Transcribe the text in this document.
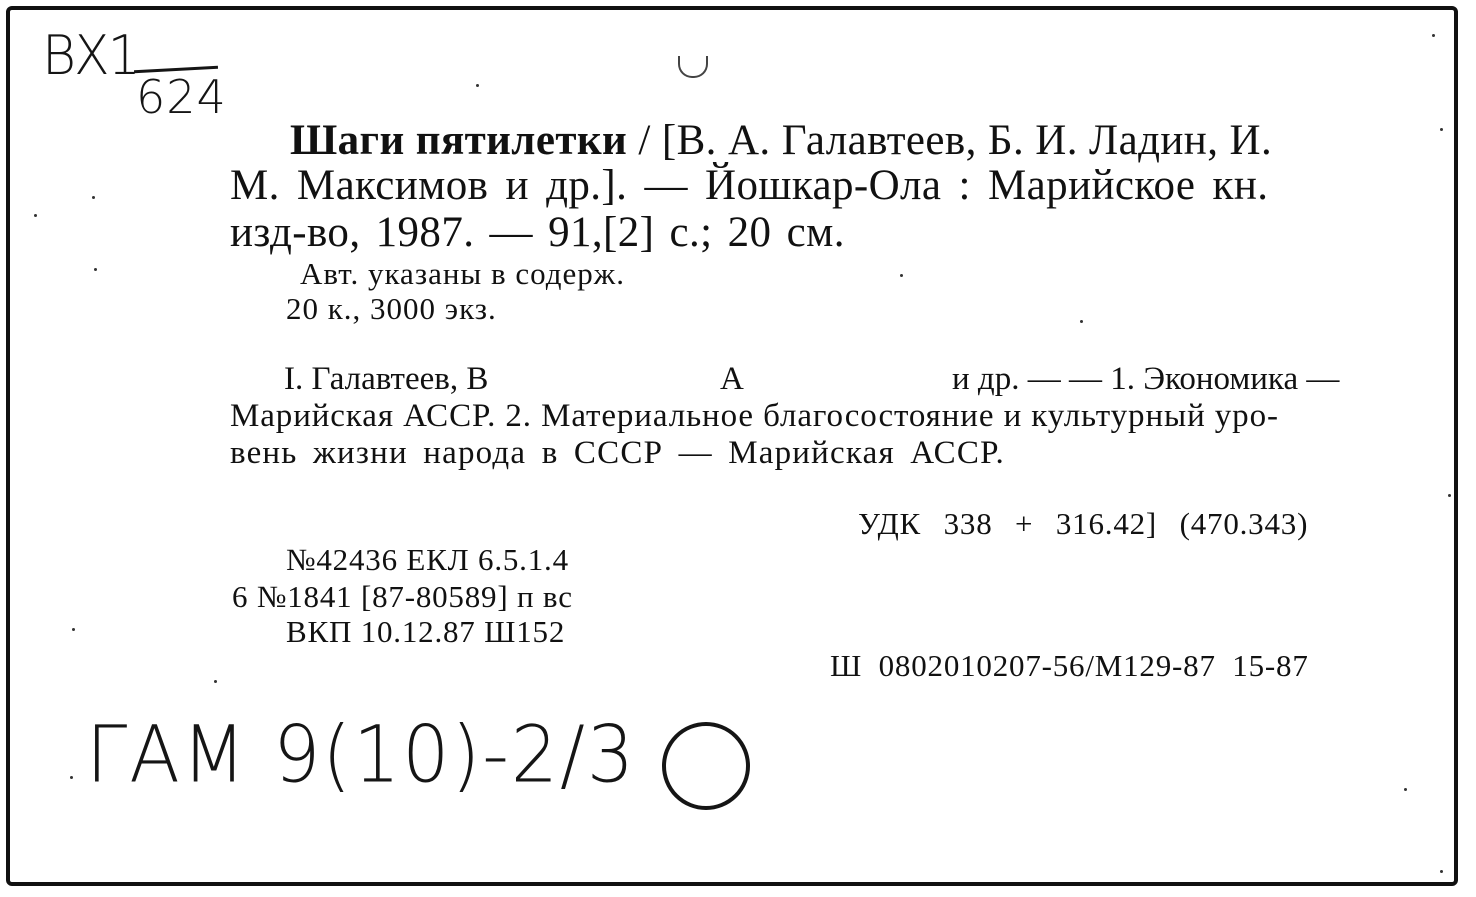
ВХ1
624
Шаги пятилетки / [В. А. Галавтеев, Б. И. Ладин, И.
М. Максимов и др.]. — Йошкар-Ола : Марийское кн.
изд-во, 1987. — 91,[2] с.; 20 см.
Авт. указаны в содерж.
20 к., 3000 экз.
I. Галавтеев, В	А	и др. — — 1. Экономика —
Марийская АССР. 2. Материальное благосостояние и культурный уро-
вень жизни народа в СССР — Марийская АССР.
УДК 338 + 316.42] (470.343)
№42436 ЕКЛ 6.5.1.4
6 №1841 [87-80589] п вс
ВКП 10.12.87 Ш152
Ш 0802010207-56/М129-87 15-87
ГАМ 9(10)-2/3
